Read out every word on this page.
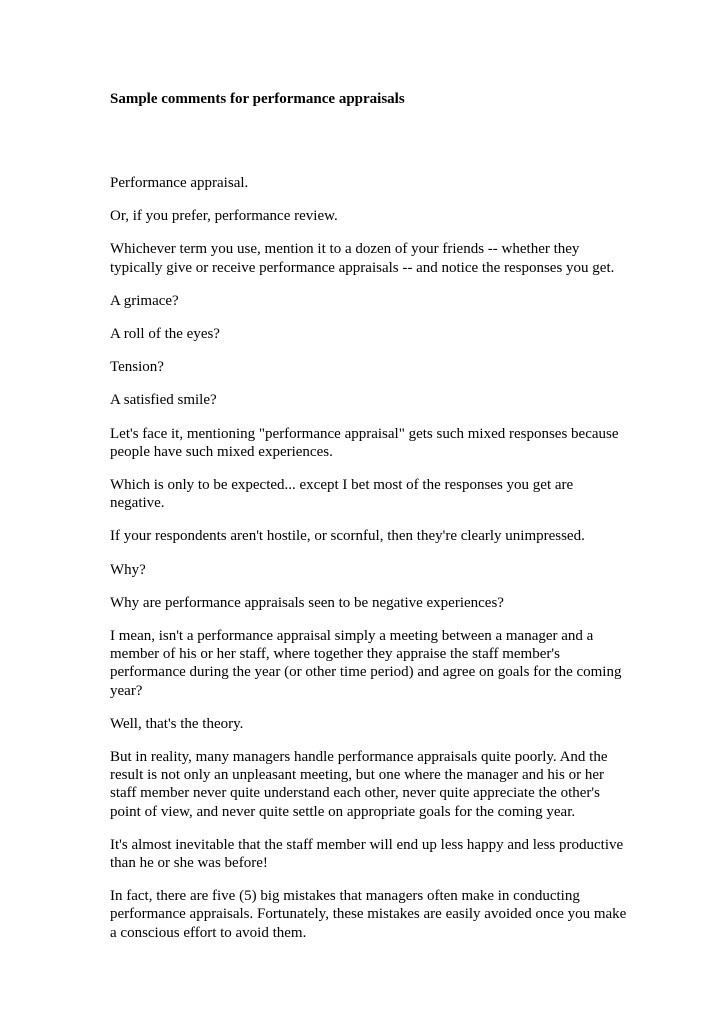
Sample comments for performance appraisals

Performance appraisal.

Or, if you prefer, performance review.

Whichever term you use, mention it to a dozen of your friends -- whether they
typically give or receive performance appraisals -- and notice the responses you get.

A grimace?

A roll of the eyes?

Tension?

A satisfied smile?

Let's face it, mentioning "performance appraisal" gets such mixed responses because
people have such mixed experiences.

Which is only to be expected... except I bet most of the responses you get are
negative.

If your respondents aren't hostile, or scornful, then they're clearly unimpressed.

Why?

Why are performance appraisals seen to be negative experiences?

I mean, isn't a performance appraisal simply a meeting between a manager and a
member of his or her staff, where together they appraise the staff member's
performance during the year (or other time period) and agree on goals for the coming
year?

Well, that's the theory.

But in reality, many managers handle performance appraisals quite poorly. And the
result is not only an unpleasant meeting, but one where the manager and his or her
staff member never quite understand each other, never quite appreciate the other's
point of view, and never quite settle on appropriate goals for the coming year.

It's almost inevitable that the staff member will end up less happy and less productive
than he or she was before!

In fact, there are five (5) big mistakes that managers often make in conducting
performance appraisals. Fortunately, these mistakes are easily avoided once you make
a conscious effort to avoid them.
